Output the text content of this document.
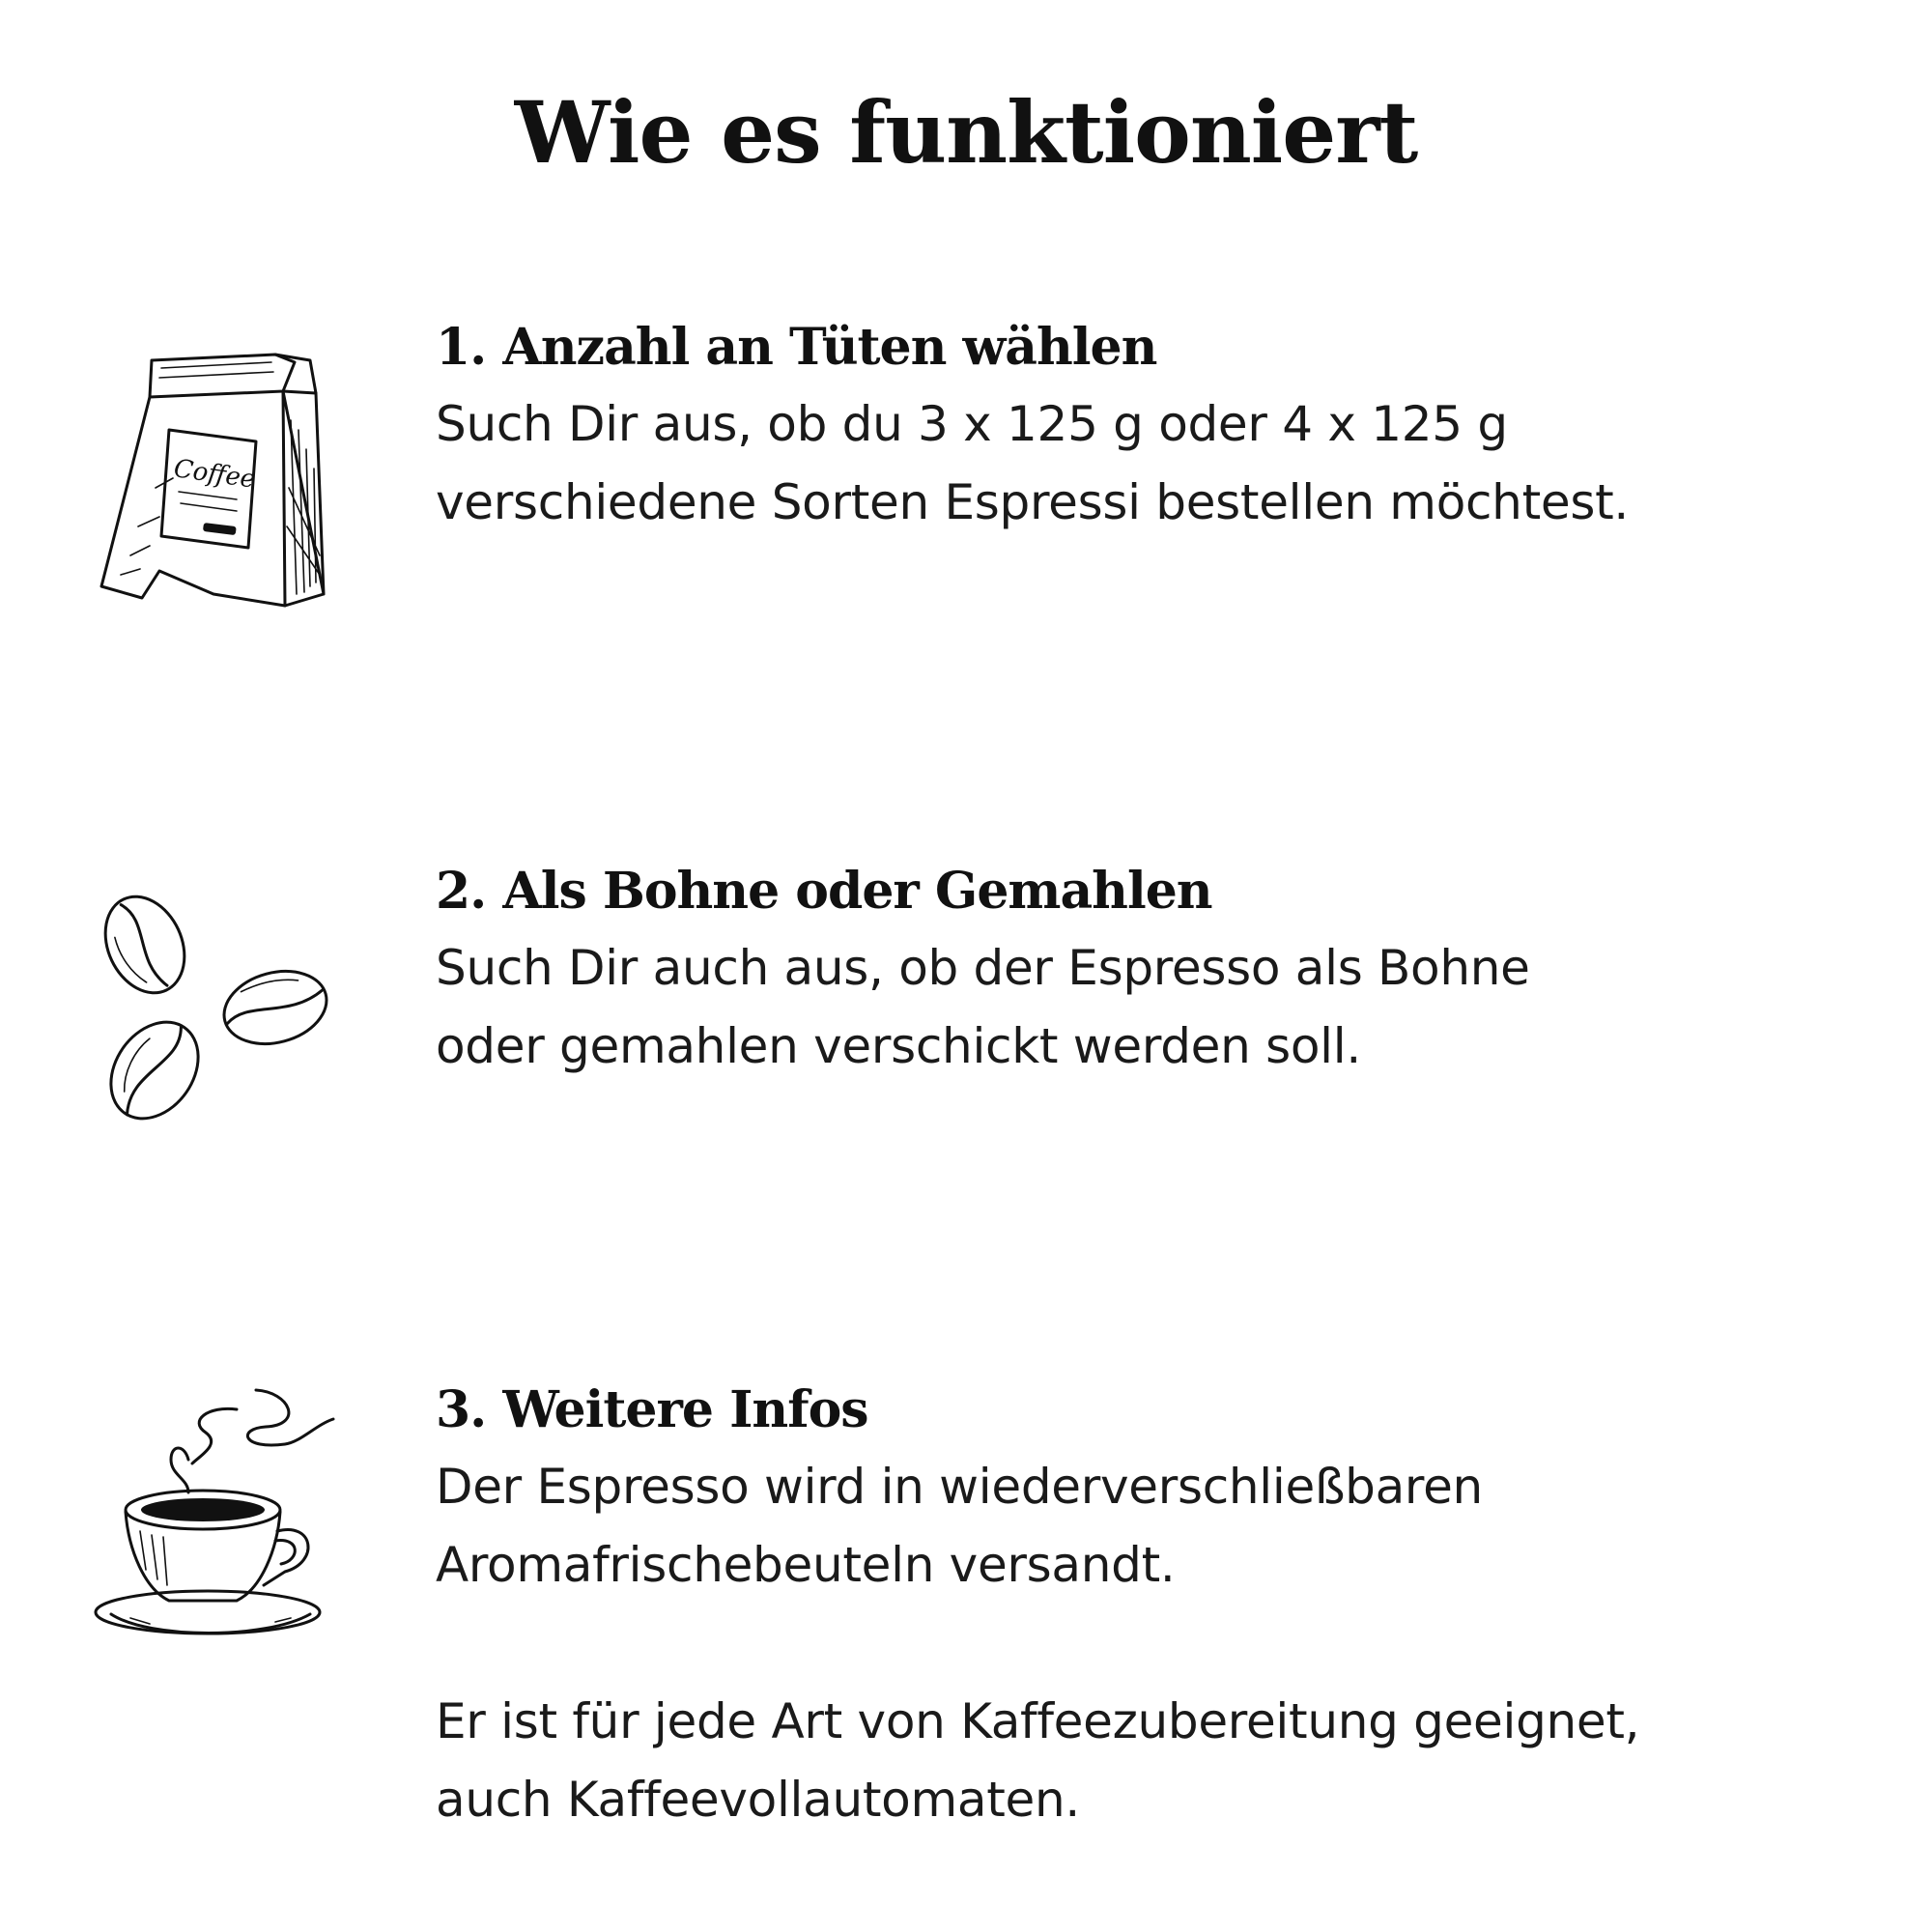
Wie es funktioniert
Coffee
1. Anzahl an Tüten wählen

Such Dir aus, ob du 3 x 125 g oder 4 x 125 g

verschiedene Sorten Espressi bestellen möchtest.

2. Als Bohne oder Gemahlen

Such Dir auch aus, ob der Espresso als Bohne

oder gemahlen verschickt werden soll.

3. Weitere Infos

Der Espresso wird in wiederverschließbaren

Aromafrischebeuteln versandt.

Er ist für jede Art von Kaffeezubereitung geeignet,

auch Kaffeevollautomaten.
